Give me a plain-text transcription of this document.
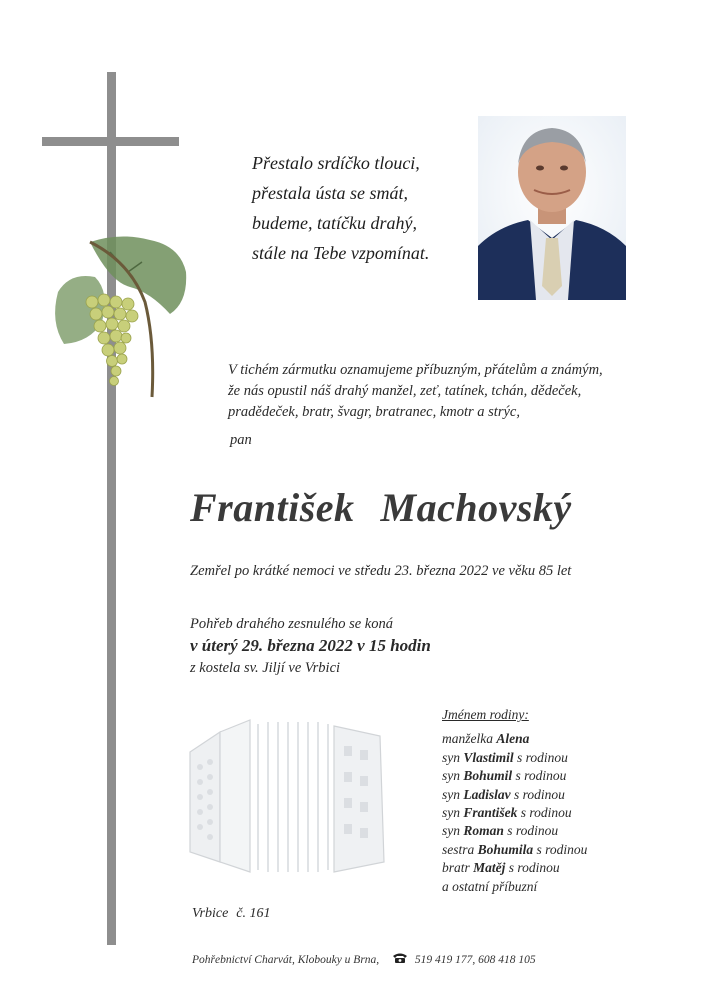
Přestalo srdíčko tlouci,
přestala ústa se smát,
budeme, tatíčku drahý,
stále na Tebe vzpomínat.
V tichém zármutku oznamujeme příbuzným, přátelům a známým,
že nás opustil náš drahý manžel, zeť, tatínek, tchán, dědeček,
pradědeček, bratr, švagr, bratranec, kmotr a strýc,
pan
František Machovský
Zemřel po krátké nemoci ve středu 23. března 2022 ve věku 85 let
Pohřeb drahého zesnulého se koná
v úterý 29. března 2022 v 15 hodin
z kostela sv. Jiljí ve Vrbici
Jménem rodiny:
manželka Alena
syn Vlastimil s rodinou
syn Bohumil s rodinou
syn Ladislav s rodinou
syn František s rodinou
syn Roman s rodinou
sestra Bohumila s rodinou
bratr Matěj s rodinou
a ostatní příbuzní
Vrbice č. 161
Pohřebnictví Charvát, Klobouky u Brna,	519 419 177, 608 418 105
